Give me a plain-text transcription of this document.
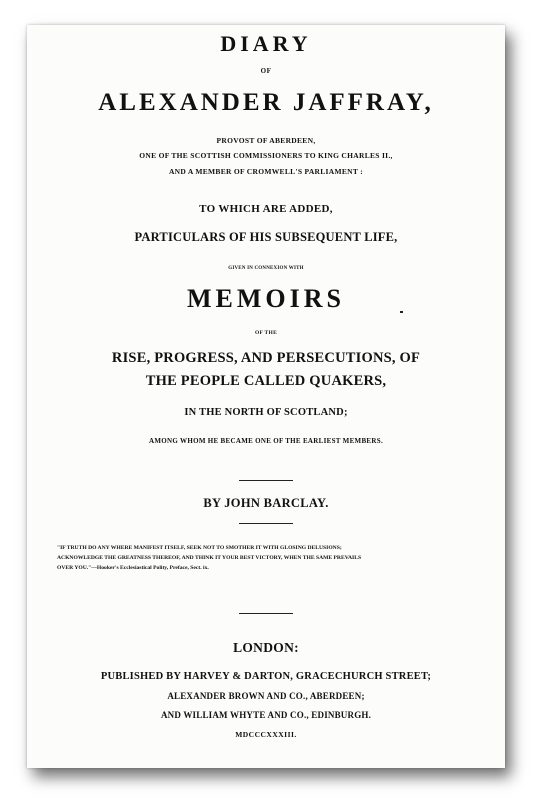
DIARY
OF
ALEXANDER JAFFRAY,
PROVOST OF ABERDEEN,
ONE OF THE SCOTTISH COMMISSIONERS TO KING CHARLES II.,
AND A MEMBER OF CROMWELL'S PARLIAMENT :
TO WHICH ARE ADDED,
PARTICULARS OF HIS SUBSEQUENT LIFE,
GIVEN IN CONNEXION WITH
MEMOIRS
OF THE
RISE, PROGRESS, AND PERSECUTIONS, OF
THE PEOPLE CALLED QUAKERS,
IN THE NORTH OF SCOTLAND;
AMONG WHOM HE BECAME ONE OF THE EARLIEST MEMBERS.
BY JOHN BARCLAY.
"IF TRUTH DO ANY WHERE MANIFEST ITSELF, SEEK NOT TO SMOTHER IT WITH GLOSING DELUSIONS;
ACKNOWLEDGE THE GREATNESS THEREOF, AND THINK IT YOUR BEST VICTORY, WHEN THE SAME PREVAILS
OVER YOU."—Hooker's Ecclesiastical Polity, Preface, Sect. ix.
LONDON:
PUBLISHED BY HARVEY & DARTON, GRACECHURCH STREET;
ALEXANDER BROWN AND CO., ABERDEEN;
AND WILLIAM WHYTE AND CO., EDINBURGH.
MDCCCXXXIII.
